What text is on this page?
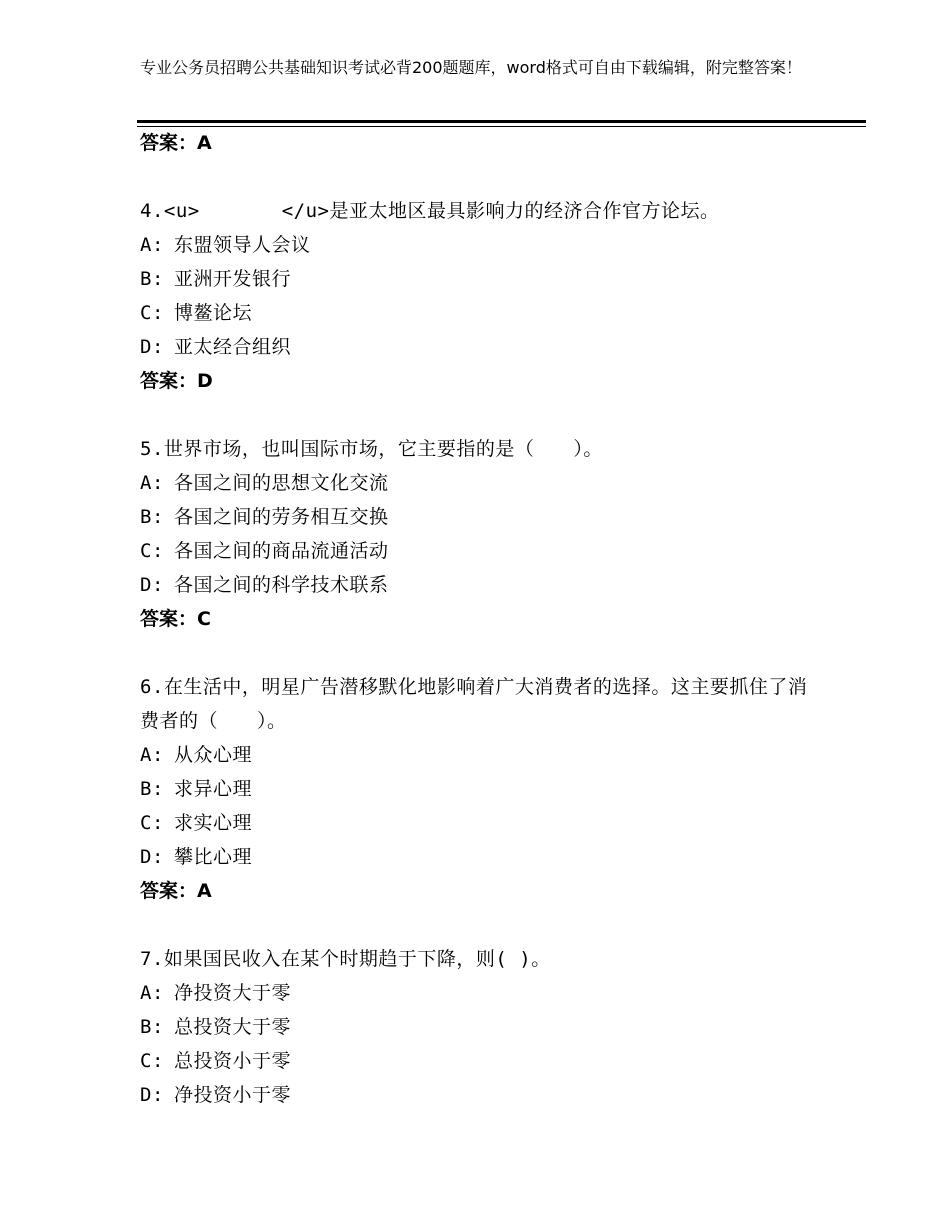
专业公务员招聘公共基础知识考试必背200题题库，word格式可自由下载编辑，附完整答案！

答案：A

4.<u>	</u>是亚太地区最具影响力的经济合作官方论坛。

A: 东盟领导人会议

B: 亚洲开发银行

C: 博鳌论坛

D: 亚太经合组织

答案：D

5.世界市场，也叫国际市场，它主要指的是（　　）。

A: 各国之间的思想文化交流

B: 各国之间的劳务相互交换

C: 各国之间的商品流通活动

D: 各国之间的科学技术联系

答案：C

6.在生活中，明星广告潜移默化地影响着广大消费者的选择。这主要抓住了消费者的（　　）。

A: 从众心理

B: 求异心理

C: 求实心理

D: 攀比心理

答案：A

7.如果国民收入在某个时期趋于下降，则( )。

A: 净投资大于零

B: 总投资大于零

C: 总投资小于零

D: 净投资小于零
